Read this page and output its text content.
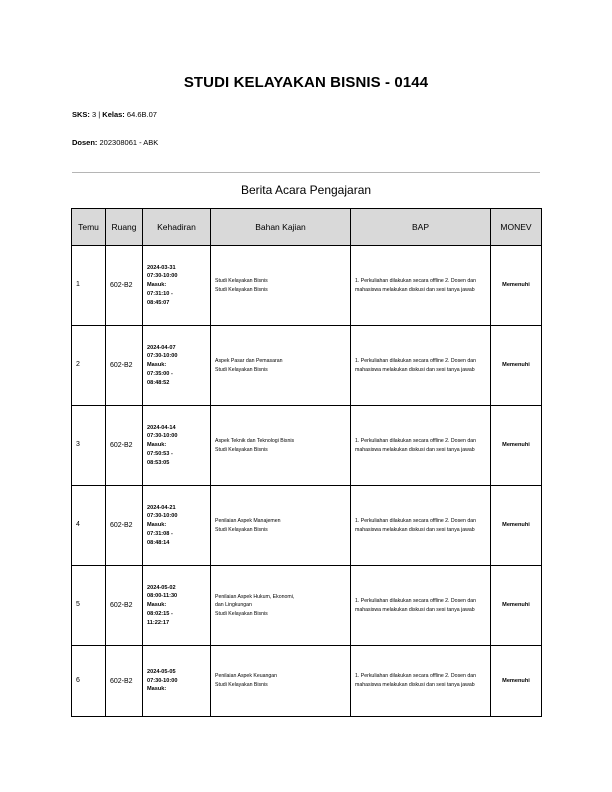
STUDI KELAYAKAN BISNIS - 0144
SKS: 3 | Kelas: 64.6B.07
Dosen: 202308061 - ABK
Berita Acara Pengajaran
Temu	Ruang	Kehadiran	Bahan Kajian	BAP	MONEV
1	602-B2	2024-03-31
07:30-10:00
Masuk:
07:31:10 -
08:45:07	Studi Kelayakan Bisnis
Studi Kelayakan Bisnis	1. Perkuliahan dilakukan secara offline 2. Dosen dan mahasiswa melakukan diskusi dan sesi tanya jawab	Memenuhi
2	602-B2	2024-04-07
07:30-10:00
Masuk:
07:35:00 -
08:48:52	Aspek Pasar dan Pemasaran
Studi Kelayakan Bisnis	1. Perkuliahan dilakukan secara offline 2. Dosen dan mahasiswa melakukan diskusi dan sesi tanya jawab	Memenuhi
3	602-B2	2024-04-14
07:30-10:00
Masuk:
07:50:53 -
08:53:05	Aspek Teknik dan Teknologi Bisnis
Studi Kelayakan Bisnis	1. Perkuliahan dilakukan secara offline 2. Dosen dan mahasiswa melakukan diskusi dan sesi tanya jawab	Memenuhi
4	602-B2	2024-04-21
07:30-10:00
Masuk:
07:31:08 -
08:48:14	Penilaian Aspek Manajemen
Studi Kelayakan Bisnis	1. Perkuliahan dilakukan secara offline 2. Dosen dan mahasiswa melakukan diskusi dan sesi tanya jawab	Memenuhi
5	602-B2	2024-05-02
08:00-11:30
Masuk:
08:02:15 -
11:22:17	Penilaian Aspek Hukum, Ekonomi,
dan Lingkungan
Studi Kelayakan Bisnis	1. Perkuliahan dilakukan secara offline 2. Dosen dan mahasiswa melakukan diskusi dan sesi tanya jawab	Memenuhi
6	602-B2	2024-05-05
07:30-10:00
Masuk:	Penilaian Aspek Keuangan
Studi Kelayakan Bisnis	1. Perkuliahan dilakukan secara offline 2. Dosen dan mahasiswa melakukan diskusi dan sesi tanya jawab	Memenuhi
